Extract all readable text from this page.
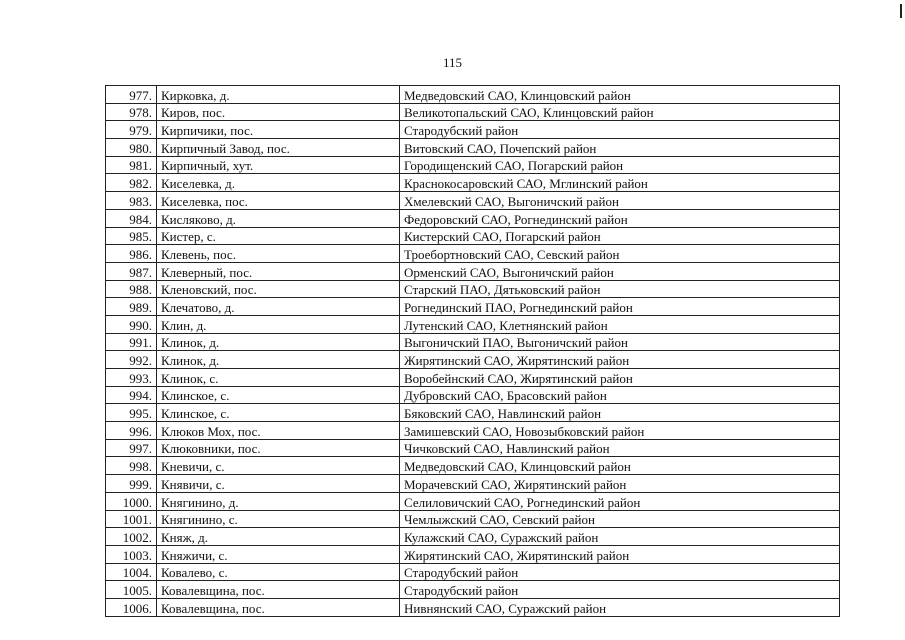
115
977.	Кирковка, д.	Медведовский САО, Клинцовский район
978.	Киров, пос.	Великотопальский САО, Клинцовский район
979.	Кирпичики, пос.	Стародубский район
980.	Кирпичный Завод, пос.	Витовский САО, Почепский район
981.	Кирпичный, хут.	Городищенский САО, Погарский район
982.	Киселевка, д.	Краснокосаровский САО, Мглинский район
983.	Киселевка, пос.	Хмелевский САО, Выгоничский район
984.	Кисляково, д.	Федоровский САО, Рогнединский район
985.	Кистер, с.	Кистерский САО, Погарский район
986.	Клевень, пос.	Троебортновский САО, Севский район
987.	Клеверный, пос.	Орменский САО, Выгоничский район
988.	Кленовский, пос.	Старский ПАО, Дятьковский район
989.	Клечатово, д.	Рогнединский ПАО, Рогнединский район
990.	Клин, д.	Лутенский САО, Клетнянский район
991.	Клинок, д.	Выгоничский ПАО, Выгоничский район
992.	Клинок, д.	Жирятинский САО, Жирятинский район
993.	Клинок, с.	Воробейнский САО, Жирятинский район
994.	Клинское, с.	Дубровский САО, Брасовский район
995.	Клинское, с.	Бяковский САО, Навлинский район
996.	Клюков Мох, пос.	Замишевский САО, Новозыбковский район
997.	Клюковники, пос.	Чичковский САО, Навлинский район
998.	Кневичи, с.	Медведовский САО, Клинцовский район
999.	Княвичи, с.	Морачевский САО, Жирятинский район
1000.	Княгинино, д.	Селиловичский САО, Рогнединский район
1001.	Княгинино, с.	Чемлыжский САО, Севский район
1002.	Княж, д.	Кулажский САО, Суражский район
1003.	Княжичи, с.	Жирятинский САО, Жирятинский район
1004.	Ковалево, с.	Стародубский район
1005.	Ковалевщина, пос.	Стародубский район
1006.	Ковалевщина, пос.	Нивнянский САО, Суражский район
